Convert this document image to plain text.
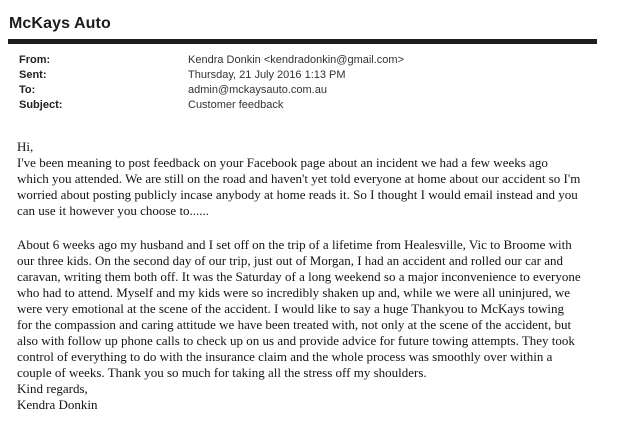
McKays Auto
From:	Kendra Donkin <kendradonkin@gmail.com>
Sent:	Thursday, 21 July 2016 1:13 PM
To:	admin@mckaysauto.com.au
Subject:	Customer feedback
Hi,
I've been meaning to post feedback on your Facebook page about an incident we had a few weeks ago
which you attended. We are still on the road and haven't yet told everyone at home about our accident so I'm
worried about posting publicly incase anybody at home reads it. So I thought I would email instead and you
can use it however you choose to......
About 6 weeks ago my husband and I set off on the trip of a lifetime from Healesville, Vic to Broome with
our three kids. On the second day of our trip, just out of Morgan, I had an accident and rolled our car and
caravan, writing them both off. It was the Saturday of a long weekend so a major inconvenience to everyone
who had to attend. Myself and my kids were so incredibly shaken up and, while we were all uninjured, we
were very emotional at the scene of the accident. I would like to say a huge Thankyou to McKays towing
for the compassion and caring attitude we have been treated with, not only at the scene of the accident, but
also with follow up phone calls to check up on us and provide advice for future towing attempts. They took
control of everything to do with the insurance claim and the whole process was smoothly over within a
couple of weeks. Thank you so much for taking all the stress off my shoulders.
Kind regards,
Kendra Donkin
